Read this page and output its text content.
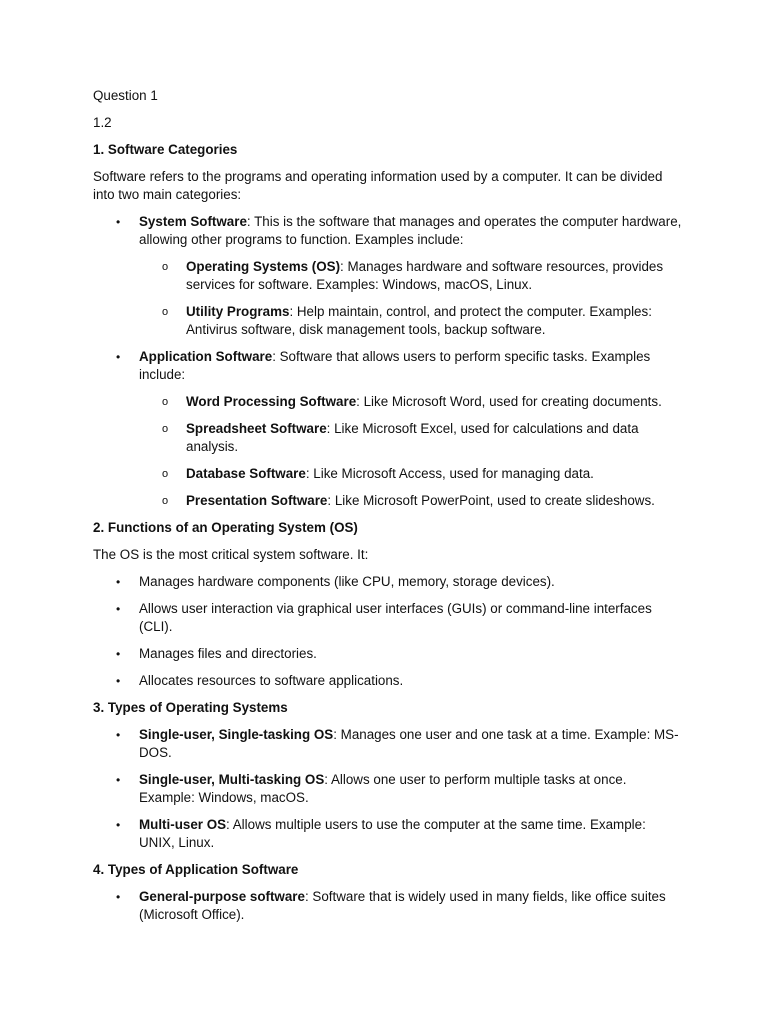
Question 1

1.2

1. Software Categories

Software refers to the programs and operating information used by a computer. It can be divided into two main categories:

• System Software: This is the software that manages and operates the computer hardware, allowing other programs to function. Examples include:
o Operating Systems (OS): Manages hardware and software resources, provides services for software. Examples: Windows, macOS, Linux.
o Utility Programs: Help maintain, control, and protect the computer. Examples: Antivirus software, disk management tools, backup software.
• Application Software: Software that allows users to perform specific tasks. Examples include:
o Word Processing Software: Like Microsoft Word, used for creating documents.
o Spreadsheet Software: Like Microsoft Excel, used for calculations and data analysis.
o Database Software: Like Microsoft Access, used for managing data.
o Presentation Software: Like Microsoft PowerPoint, used to create slideshows.

2. Functions of an Operating System (OS)

The OS is the most critical system software. It:

• Manages hardware components (like CPU, memory, storage devices).
• Allows user interaction via graphical user interfaces (GUIs) or command-line interfaces (CLI).
• Manages files and directories.
• Allocates resources to software applications.

3. Types of Operating Systems

• Single-user, Single-tasking OS: Manages one user and one task at a time. Example: MS-DOS.
• Single-user, Multi-tasking OS: Allows one user to perform multiple tasks at once. Example: Windows, macOS.
• Multi-user OS: Allows multiple users to use the computer at the same time. Example: UNIX, Linux.

4. Types of Application Software

• General-purpose software: Software that is widely used in many fields, like office suites (Microsoft Office).
